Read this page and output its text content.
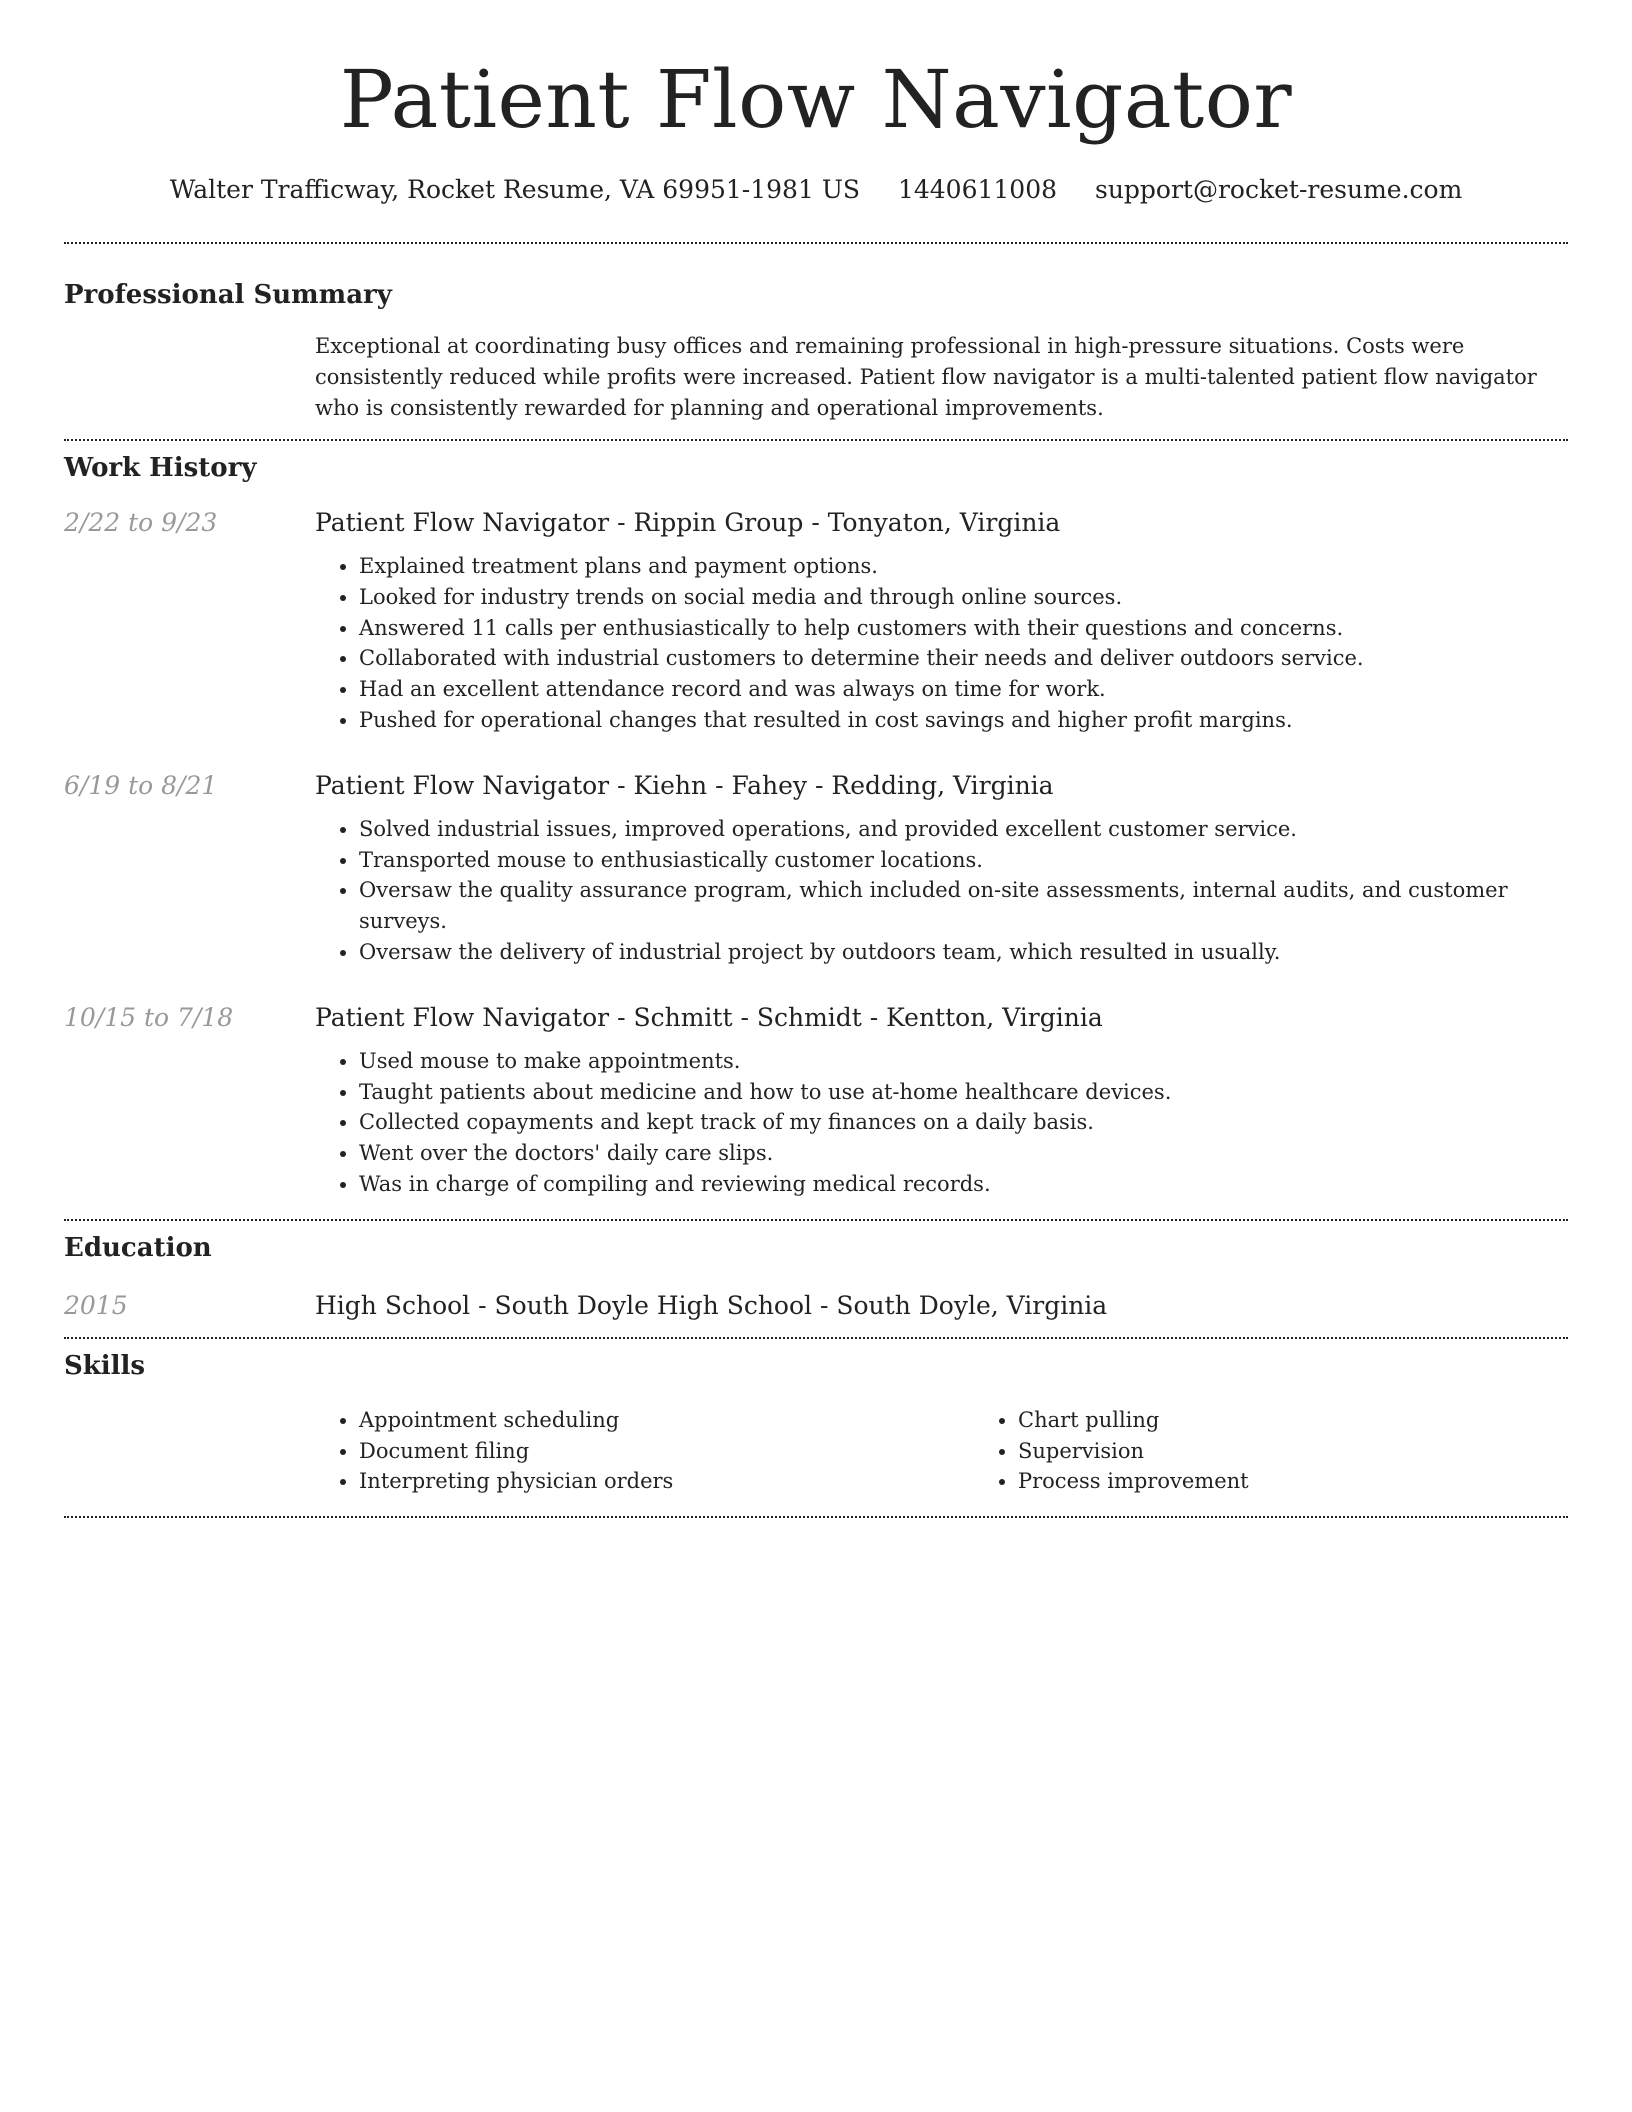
Patient Flow Navigator
Walter Trafficway, Rocket Resume, VA 69951-1981 US 1440611008 support@rocket-resume.com
Professional Summary

Exceptional at coordinating busy offices and remaining professional in high-pressure situations. Costs were consistently reduced while profits were increased. Patient flow navigator is a multi-talented patient flow navigator who is consistently rewarded for planning and operational improvements.

Work History
2/22 to 9/23	Patient Flow Navigator - Rippin Group - Tonyaton, Virginia

• Explained treatment plans and payment options.
• Looked for industry trends on social media and through online sources.
• Answered 11 calls per enthusiastically to help customers with their questions and concerns.
• Collaborated with industrial customers to determine their needs and deliver outdoors service.
• Had an excellent attendance record and was always on time for work.
• Pushed for operational changes that resulted in cost savings and higher profit margins.
6/19 to 8/21	Patient Flow Navigator - Kiehn - Fahey - Redding, Virginia

• Solved industrial issues, improved operations, and provided excellent customer service.
• Transported mouse to enthusiastically customer locations.
• Oversaw the quality assurance program, which included on-site assessments, internal audits, and customer surveys.
• Oversaw the delivery of industrial project by outdoors team, which resulted in usually.
10/15 to 7/18	Patient Flow Navigator - Schmitt - Schmidt - Kentton, Virginia

• Used mouse to make appointments.
• Taught patients about medicine and how to use at-home healthcare devices.
• Collected copayments and kept track of my finances on a daily basis.
• Went over the doctors' daily care slips.
• Was in charge of compiling and reviewing medical records.
Education
2015	High School - South Doyle High School - South Doyle, Virginia

Skills
• Appointment scheduling
• Document filing
• Interpreting physician orders
• Chart pulling
• Supervision
• Process improvement
